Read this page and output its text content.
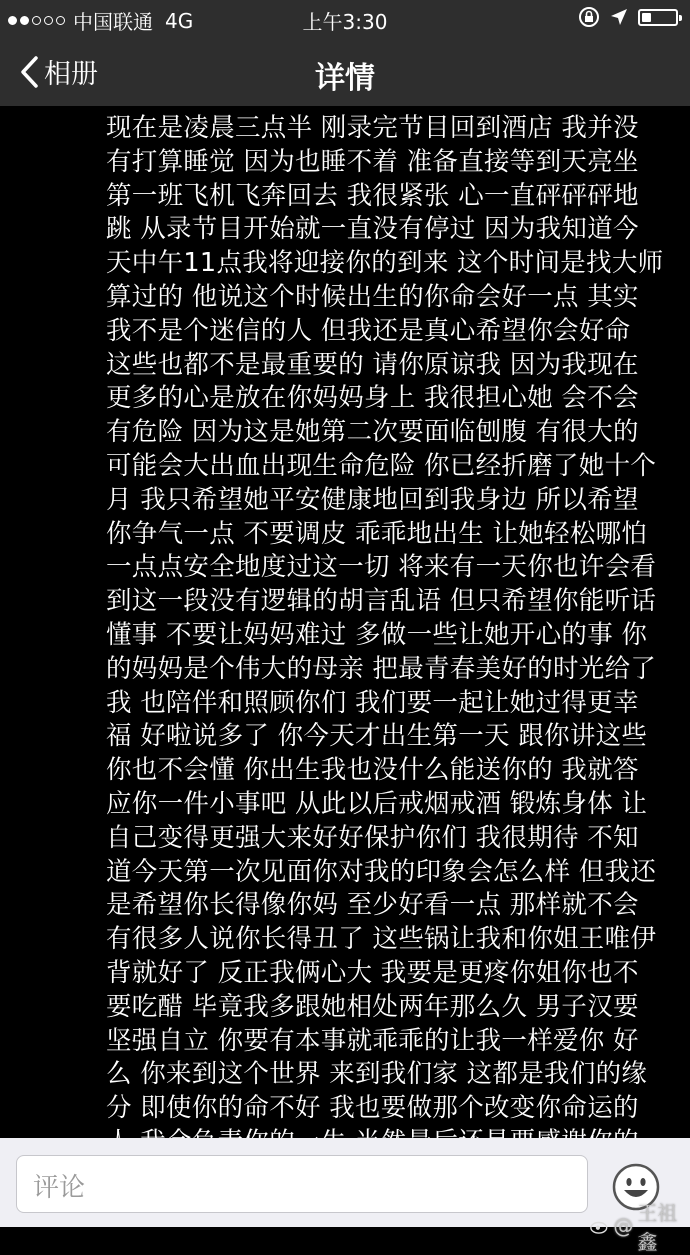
中国联通 4G	上午3:30
相册	详情
现在是凌晨三点半 刚录完节目回到酒店 我并没
有打算睡觉 因为也睡不着 准备直接等到天亮坐
第一班飞机飞奔回去 我很紧张 心一直砰砰砰地
跳 从录节目开始就一直没有停过 因为我知道今
天中午11点我将迎接你的到来 这个时间是找大师
算过的 他说这个时候出生的你命会好一点 其实
我不是个迷信的人 但我还是真心希望你会好命
这些也都不是最重要的 请你原谅我 因为我现在
更多的心是放在你妈妈身上 我很担心她 会不会
有危险 因为这是她第二次要面临刨腹 有很大的
可能会大出血出现生命危险 你已经折磨了她十个
月 我只希望她平安健康地回到我身边 所以希望
你争气一点 不要调皮 乖乖地出生 让她轻松哪怕
一点点安全地度过这一切 将来有一天你也许会看
到这一段没有逻辑的胡言乱语 但只希望你能听话
懂事 不要让妈妈难过 多做一些让她开心的事 你
的妈妈是个伟大的母亲 把最青春美好的时光给了
我 也陪伴和照顾你们 我们要一起让她过得更幸
福 好啦说多了 你今天才出生第一天 跟你讲这些
你也不会懂 你出生我也没什么能送你的 我就答
应你一件小事吧 从此以后戒烟戒酒 锻炼身体 让
自己变得更强大来好好保护你们 我很期待 不知
道今天第一次见面你对我的印象会怎么样 但我还
是希望你长得像你妈 至少好看一点 那样就不会
有很多人说你长得丑了 这些锅让我和你姐王唯伊
背就好了 反正我俩心大 我要是更疼你姐你也不
要吃醋 毕竟我多跟她相处两年那么久 男子汉要
坚强自立 你要有本事就乖乖的让我一样爱你 好
么 你来到这个世界 来到我们家 这都是我们的缘
分 即使你的命不好 我也要做那个改变你命运的
评论
@
王祖鑫
